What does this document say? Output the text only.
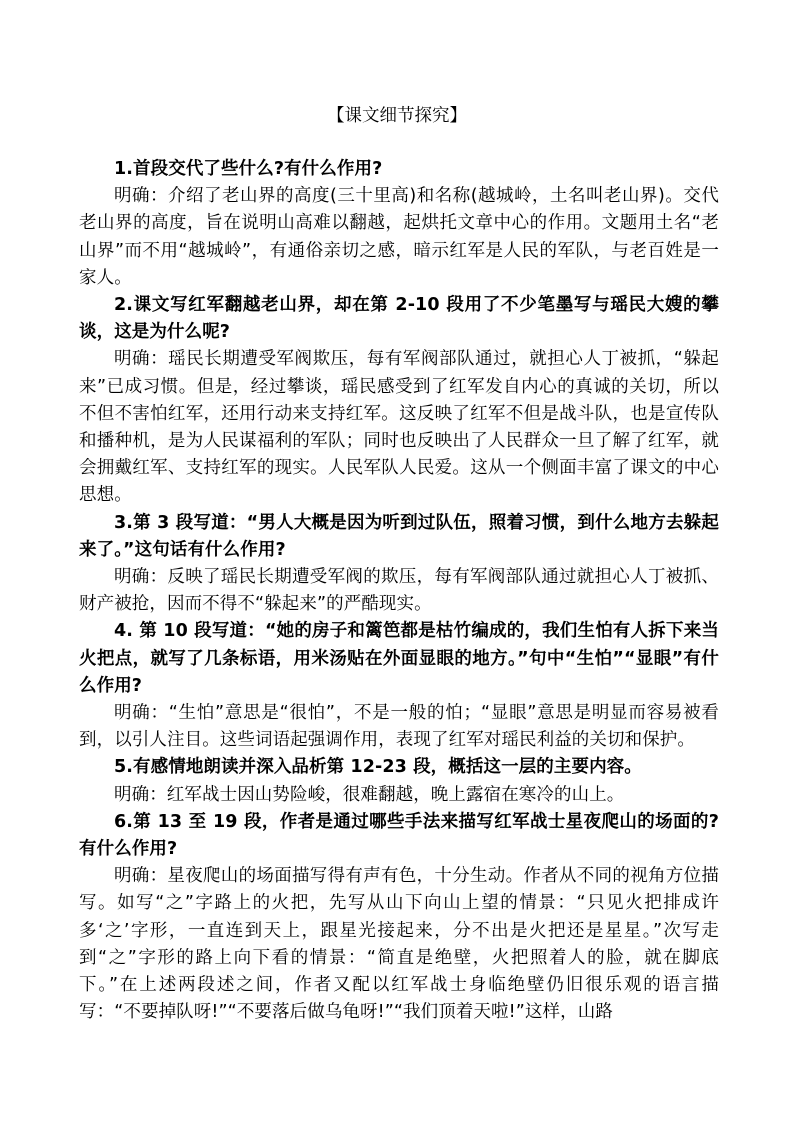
【课文细节探究】

1.首段交代了些什么?有什么作用?

明确：介绍了老山界的高度(三十里高)和名称(越城岭，土名叫老山界)。交代老山界的高度，旨在说明山高难以翻越，起烘托文章中心的作用。文题用土名“老山界”而不用“越城岭”，有通俗亲切之感，暗示红军是人民的军队，与老百姓是一家人。

2.课文写红军翻越老山界，却在第 2-10 段用了不少笔墨写与瑶民大嫂的攀谈，这是为什么呢?

明确：瑶民长期遭受军阀欺压，每有军阀部队通过，就担心人丁被抓，“躲起来”已成习惯。但是，经过攀谈，瑶民感受到了红军发自内心的真诚的关切，所以不但不害怕红军，还用行动来支持红军。这反映了红军不但是战斗队，也是宣传队和播种机，是为人民谋福利的军队；同时也反映出了人民群众一旦了解了红军，就会拥戴红军、支持红军的现实。人民军队人民爱。这从一个侧面丰富了课文的中心思想。

3.第 3 段写道：“男人大概是因为听到过队伍，照着习惯，到什么地方去躲起来了。”这句话有什么作用?

明确：反映了瑶民长期遭受军阀的欺压，每有军阀部队通过就担心人丁被抓、财产被抢，因而不得不“躲起来”的严酷现实。

4. 第 10 段写道：“她的房子和篱笆都是枯竹编成的，我们生怕有人拆下来当火把点，就写了几条标语，用米汤贴在外面显眼的地方。”句中“生怕”“显眼”有什么作用?

明确：“生怕”意思是“很怕”，不是一般的怕；“显眼”意思是明显而容易被看到，以引人注目。这些词语起强调作用，表现了红军对瑶民利益的关切和保护。

5.有感情地朗读并深入品析第 12-23 段，概括这一层的主要内容。

明确：红军战士因山势险峻，很难翻越，晚上露宿在寒冷的山上。

6.第 13 至 19 段，作者是通过哪些手法来描写红军战士星夜爬山的场面的?有什么作用?

明确：星夜爬山的场面描写得有声有色，十分生动。作者从不同的视角方位描写。如写“之”字路上的火把，先写从山下向山上望的情景：“只见火把排成许多‘之’字形，一直连到天上，跟星光接起来，分不出是火把还是星星。”次写走到“之”字形的路上向下看的情景：“简直是绝壁，火把照着人的脸，就在脚底下。”在上述两段述之间，作者又配以红军战士身临绝壁仍旧很乐观的语言描写：“不要掉队呀!”“不要落后做乌龟呀!”“我们顶着天啦!”这样，山路
